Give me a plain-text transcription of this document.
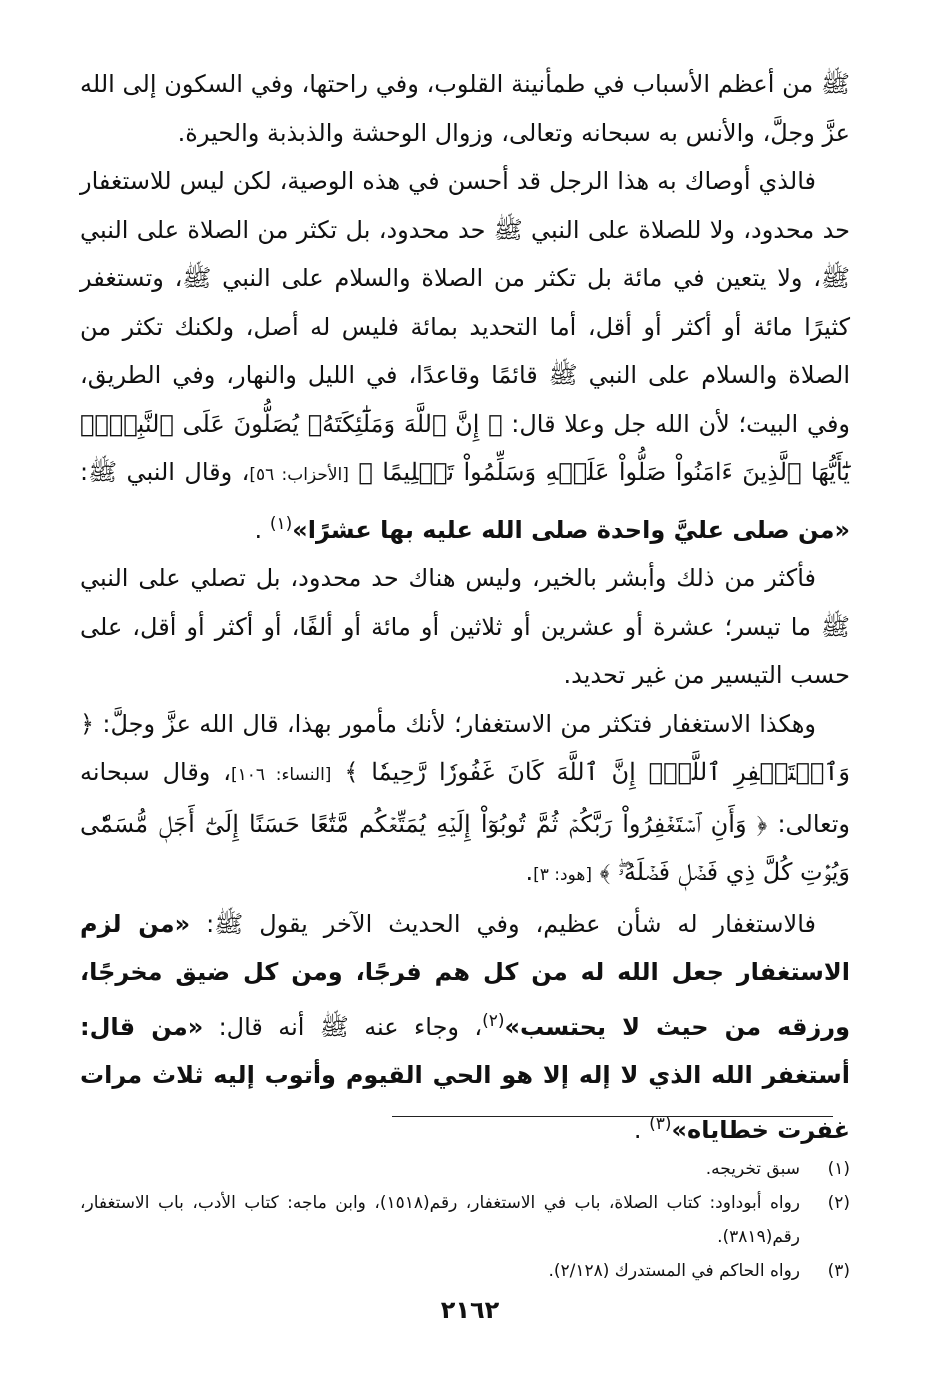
ﷺ من أعظم الأسباب في طمأنينة القلوب، وفي راحتها، وفي السكون إلى الله عزَّ وجلَّ، والأنس به سبحانه وتعالى، وزوال الوحشة والذبذبة والحيرة.

فالذي أوصاك به هذا الرجل قد أحسن في هذه الوصية، لكن ليس للاستغفار حد محدود، ولا للصلاة على النبي ﷺ حد محدود، بل تكثر من الصلاة على النبي ﷺ، ولا يتعين في مائة بل تكثر من الصلاة والسلام على النبي ﷺ، وتستغفر كثيرًا مائة أو أكثر أو أقل، أما التحديد بمائة فليس له أصل، ولكنك تكثر من الصلاة والسلام على النبي ﷺ قائمًا وقاعدًا، في الليل والنهار، وفي الطريق، وفي البيت؛ لأن الله جل وعلا قال: ﴿ إِنَّ ٱللَّهَ وَمَلَٰٓئِكَتَهُۥ يُصَلُّونَ عَلَى ٱلنَّبِيِّۚ يَٰٓأَيُّهَا ٱلَّذِينَ ءَامَنُواْ صَلُّواْ عَلَيۡهِ وَسَلِّمُواْ تَسۡلِيمًا ﴾ [الأحزاب: ٥٦]، وقال النبي ﷺ: «من صلى عليَّ واحدة صلى الله عليه بها عشرًا»$^{(١)}$ .

فأكثر من ذلك وأبشر بالخير، وليس هناك حد محدود، بل تصلي على النبي ﷺ ما تيسر؛ عشرة أو عشرين أو ثلاثين أو مائة أو ألفًا، أو أكثر أو أقل، على حسب التيسير من غير تحديد.

وهكذا الاستغفار فتكثر من الاستغفار؛ لأنك مأمور بهذا، قال الله عزَّ وجلَّ: ﴿ وَٱسۡتَغۡفِرِ ٱللَّهَۖ إِنَّ ٱللَّهَ كَانَ غَفُورٗا رَّحِيمٗا ﴾ [النساء: ١٠٦]، وقال سبحانه وتعالى: ﴿ وَأَنِ ٱسۡتَغۡفِرُواْ رَبَّكُمۡ ثُمَّ تُوبُوٓاْ إِلَيۡهِ يُمَتِّعۡكُم مَّتَٰعًا حَسَنًا إِلَىٰٓ أَجَلٖ مُّسَمّٗى وَيُؤۡتِ كُلَّ ذِي فَضۡلٖ فَضۡلَهُۥۖ ﴾ [هود: ٣].

فالاستغفار له شأن عظيم، وفي الحديث الآخر يقول ﷺ: «من لزم الاستغفار جعل الله له من كل هم فرجًا، ومن كل ضيق مخرجًا، ورزقه من حيث لا يحتسب»$^{(٢)}$، وجاء عنه ﷺ أنه قال: «من قال: أستغفر الله الذي لا إله إلا هو الحي القيوم وأتوب إليه ثلاث مرات غفرت خطاياه»$^{(٣)}$ .

(١)
سبق تخريجه.
(٢)
رواه أبوداود: كتاب الصلاة، باب في الاستغفار، رقم(١٥١٨)، وابن ماجه: كتاب الأدب، باب الاستغفار، رقم(٣٨١٩).
(٣)
رواه الحاكم في المستدرك (٢/١٢٨).
٢١٦٢
